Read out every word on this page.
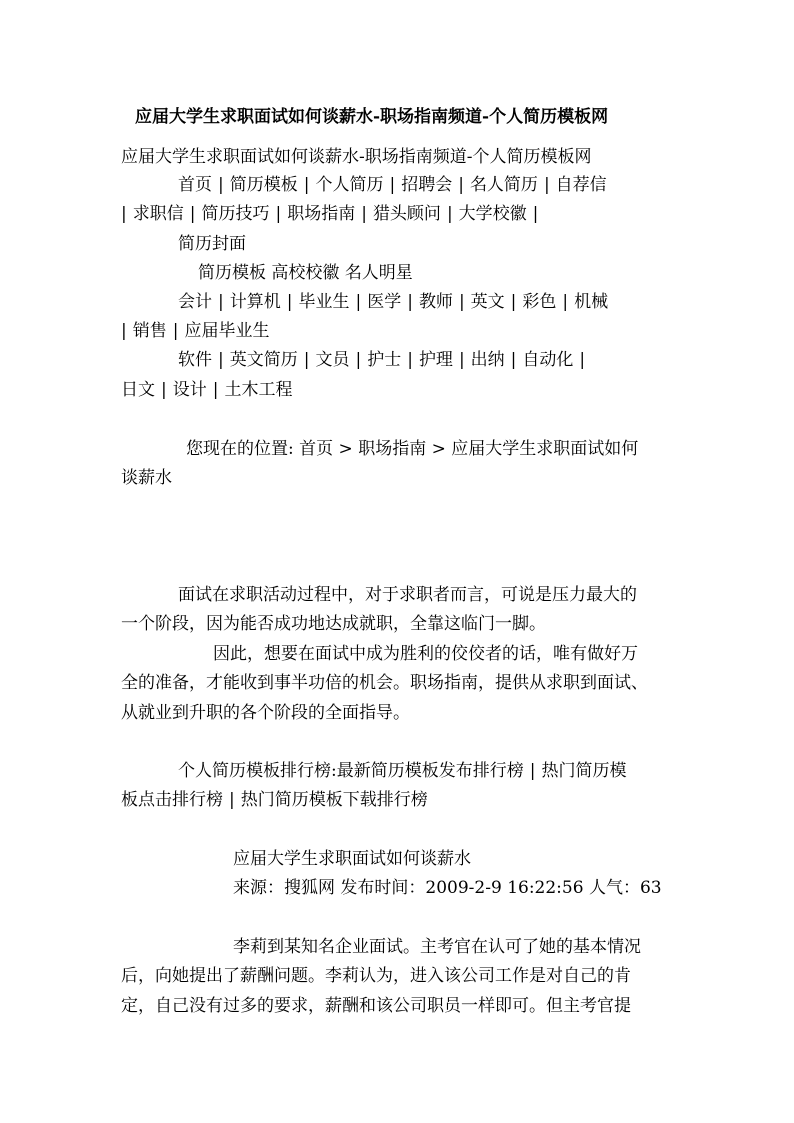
应届大学生求职面试如何谈薪水-职场指南频道-个人简历模板网
应届大学生求职面试如何谈薪水-职场指南频道-个人简历模板网
首页 | 简历模板 | 个人简历 | 招聘会 | 名人简历 | 自荐信
| 求职信 | 简历技巧 | 职场指南 | 猎头顾问 | 大学校徽 |
简历封面
简历模板 高校校徽 名人明星
会计 | 计算机 | 毕业生 | 医学 | 教师 | 英文 | 彩色 | 机械
| 销售 | 应届毕业生
软件 | 英文简历 | 文员 | 护士 | 护理 | 出纳 | 自动化 |
日文 | 设计 | 土木工程
您现在的位置: 首页 > 职场指南 > 应届大学生求职面试如何
谈薪水
面试在求职活动过程中，对于求职者而言，可说是压力最大的
一个阶段，因为能否成功地达成就职，全靠这临门一脚。
因此，想要在面试中成为胜利的佼佼者的话，唯有做好万
全的准备，才能收到事半功倍的机会。职场指南，提供从求职到面试、
从就业到升职的各个阶段的全面指导。
个人简历模板排行榜:最新简历模板发布排行榜 | 热门简历模
板点击排行榜 | 热门简历模板下载排行榜
应届大学生求职面试如何谈薪水
来源：搜狐网 发布时间：2009-2-9 16:22:56 人气：63
李莉到某知名企业面试。主考官在认可了她的基本情况
后，向她提出了薪酬问题。李莉认为，进入该公司工作是对自己的肯
定，自己没有过多的要求，薪酬和该公司职员一样即可。但主考官提
